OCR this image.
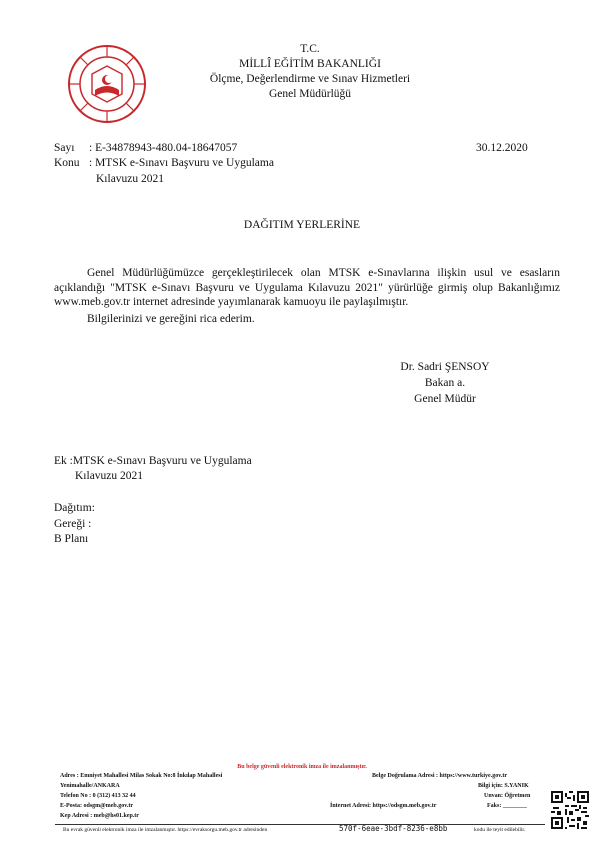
T.C.
MİLLÎ EĞİTİM BAKANLIĞI
Ölçme, Değerlendirme ve Sınav Hizmetleri
Genel Müdürlüğü
Sayı : E-34878943-480.04-18647057	30.12.2020
Konu : MTSK e-Sınavı Başvuru ve Uygulama
Kılavuzu 2021
DAĞITIM YERLERİNE

Genel Müdürlüğümüzce gerçekleştirilecek olan MTSK e-Sınavlarına ilişkin usul ve esasların açıklandığı "MTSK e-Sınavı Başvuru ve Uygulama Kılavuzu 2021" yürürlüğe girmiş olup Bakanlığımız www.meb.gov.tr internet adresinde yayımlanarak kamuoyu ile paylaşılmıştır.

Bilgilerinizi ve gereğini rica ederim.

Dr. Sadri ŞENSOY
Bakan a.
Genel Müdür
Ek :MTSK e-Sınavı Başvuru ve Uygulama
Kılavuzu 2021
Dağıtım:
Gereği :
B Planı
Bu belge güvenli elektronik imza ile imzalanmıştır.
Adres : Emniyet Mahallesi Milas Sokak No:8 İnkılap Mahallesi	Belge Doğrulama Adresi : https://www.turkiye.gov.tr
Yenimahalle/ANKARA	Bilgi için: S.YANIK
Telefon No : 0 (312) 413 32 44	Unvan: Öğretmen
E-Posta: odsgm@meb.gov.tr	İnternet Adresi: https://odsgm.meb.gov.tr	Faks: ________
Kep Adresi : meb@hs01.kep.tr
Bu evrak güvenli elektronik imza ile imzalanmıştır. https://evraksorgu.meb.gov.tr adresinden	570f-6eae-3bdf-8236-e8bb	kodu ile teyit edilebilir.
